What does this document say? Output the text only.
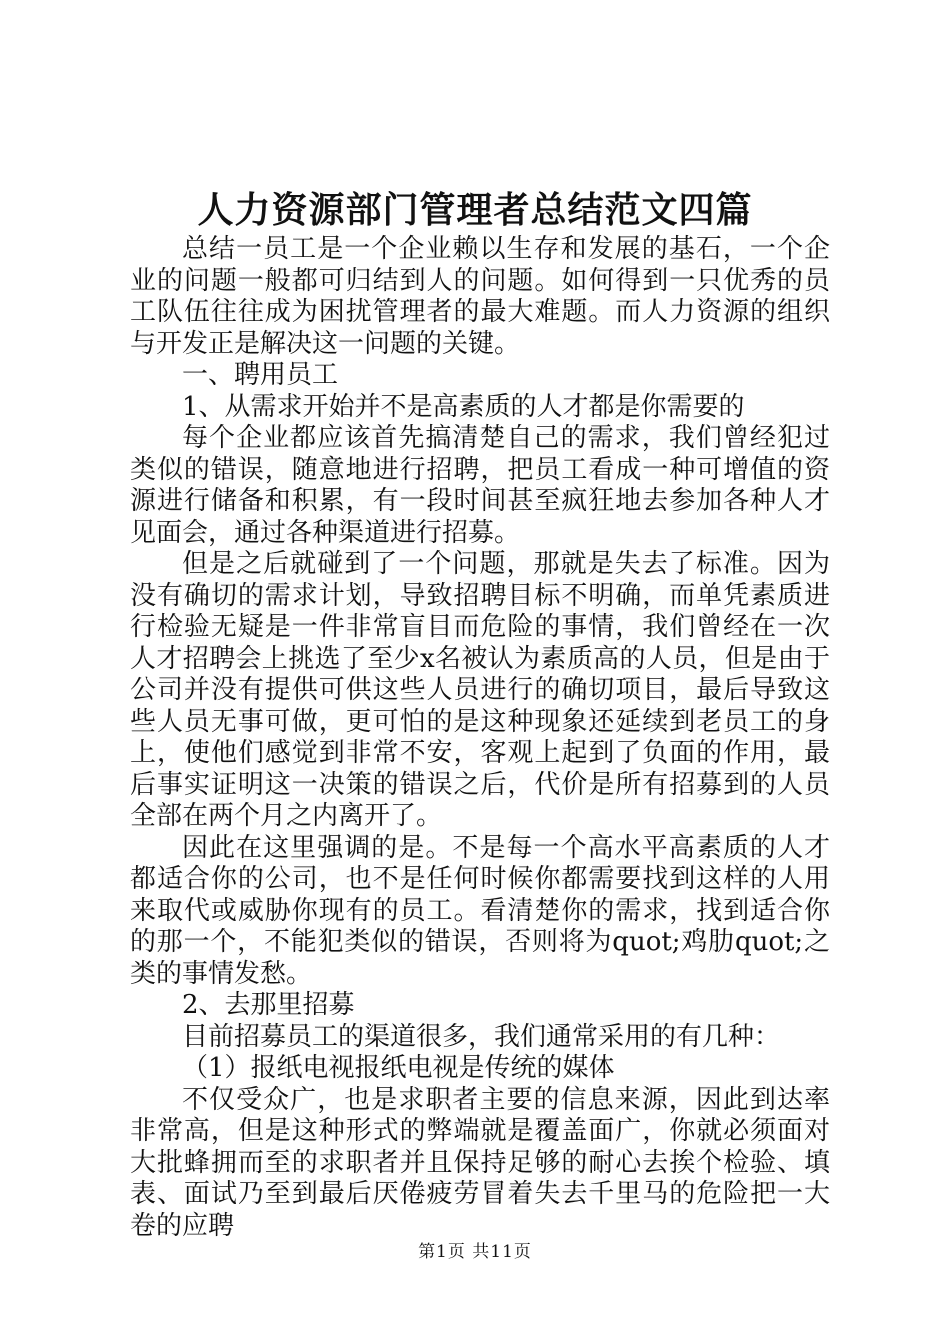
人力资源部门管理者总结范文四篇

总结一员工是一个企业赖以生存和发展的基石，一个企业的问题一般都可归结到人的问题。如何得到一只优秀的员工队伍往往成为困扰管理者的最大难题。而人力资源的组织与开发正是解决这一问题的关键。

一、聘用员工

1、从需求开始并不是高素质的人才都是你需要的

每个企业都应该首先搞清楚自己的需求，我们曾经犯过类似的错误，随意地进行招聘，把员工看成一种可增值的资源进行储备和积累，有一段时间甚至疯狂地去参加各种人才见面会，通过各种渠道进行招募。

但是之后就碰到了一个问题，那就是失去了标准。因为没有确切的需求计划，导致招聘目标不明确，而单凭素质进行检验无疑是一件非常盲目而危险的事情，我们曾经在一次人才招聘会上挑选了至少x名被认为素质高的人员，但是由于公司并没有提供可供这些人员进行的确切项目，最后导致这些人员无事可做，更可怕的是这种现象还延续到老员工的身上，使他们感觉到非常不安，客观上起到了负面的作用，最后事实证明这一决策的错误之后，代价是所有招募到的人员全部在两个月之内离开了。

因此在这里强调的是。不是每一个高水平高素质的人才都适合你的公司，也不是任何时候你都需要找到这样的人用来取代或威胁你现有的员工。看清楚你的需求，找到适合你的那一个，不能犯类似的错误，否则将为quot;鸡肋quot;之类的事情发愁。

2、去那里招募

目前招募员工的渠道很多，我们通常采用的有几种：

（1）报纸电视报纸电视是传统的媒体

不仅受众广，也是求职者主要的信息来源，因此到达率非常高，但是这种形式的弊端就是覆盖面广，你就必须面对大批蜂拥而至的求职者并且保持足够的耐心去挨个检验、填表、面试乃至到最后厌倦疲劳冒着失去千里马的危险把一大卷的应聘

第1页 共11页
